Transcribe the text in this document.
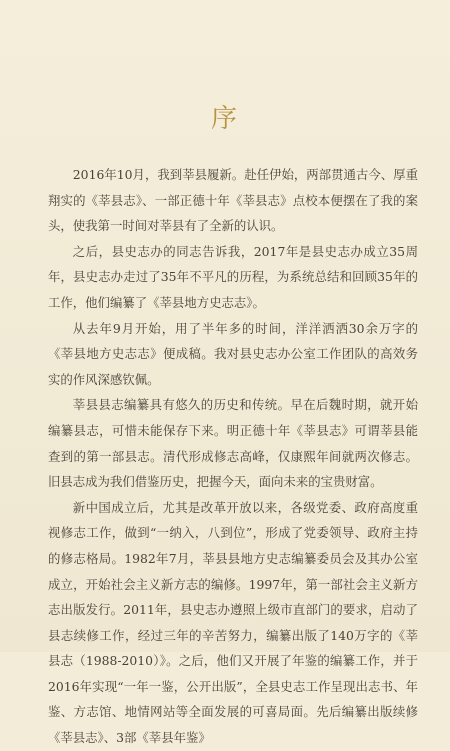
序

2016年10月，我到莘县履新。赴任伊始，两部贯通古今、厚重翔实的《莘县志》、一部正德十年《莘县志》点校本便摆在了我的案头，使我第一时间对莘县有了全新的认识。

之后，县史志办的同志告诉我，2017年是县史志办成立35周年，县史志办走过了35年不平凡的历程，为系统总结和回顾35年的工作，他们编纂了《莘县地方史志志》。

从去年9月开始，用了半年多的时间，洋洋洒洒30余万字的《莘县地方史志志》便成稿。我对县史志办公室工作团队的高效务实的作风深感钦佩。

莘县县志编纂具有悠久的历史和传统。早在后魏时期，就开始编纂县志，可惜未能保存下来。明正德十年《莘县志》可谓莘县能查到的第一部县志。清代形成修志高峰，仅康熙年间就两次修志。旧县志成为我们借鉴历史，把握今天，面向未来的宝贵财富。

新中国成立后，尤其是改革开放以来，各级党委、政府高度重视修志工作，做到“一纳入，八到位”，形成了党委领导、政府主持的修志格局。1982年7月，莘县县地方史志编纂委员会及其办公室成立，开始社会主义新方志的编修。1997年，第一部社会主义新方志出版发行。2011年，县史志办遵照上级市直部门的要求，启动了县志续修工作，经过三年的辛苦努力，编纂出版了140万字的《莘县志（1988-2010）》。之后，他们又开展了年鉴的编纂工作，并于2016年实现“一年一鉴，公开出版”，全县史志工作呈现出志书、年鉴、方志馆、地情网站等全面发展的可喜局面。先后编纂出版续修《莘县志》、3部《莘县年鉴》
